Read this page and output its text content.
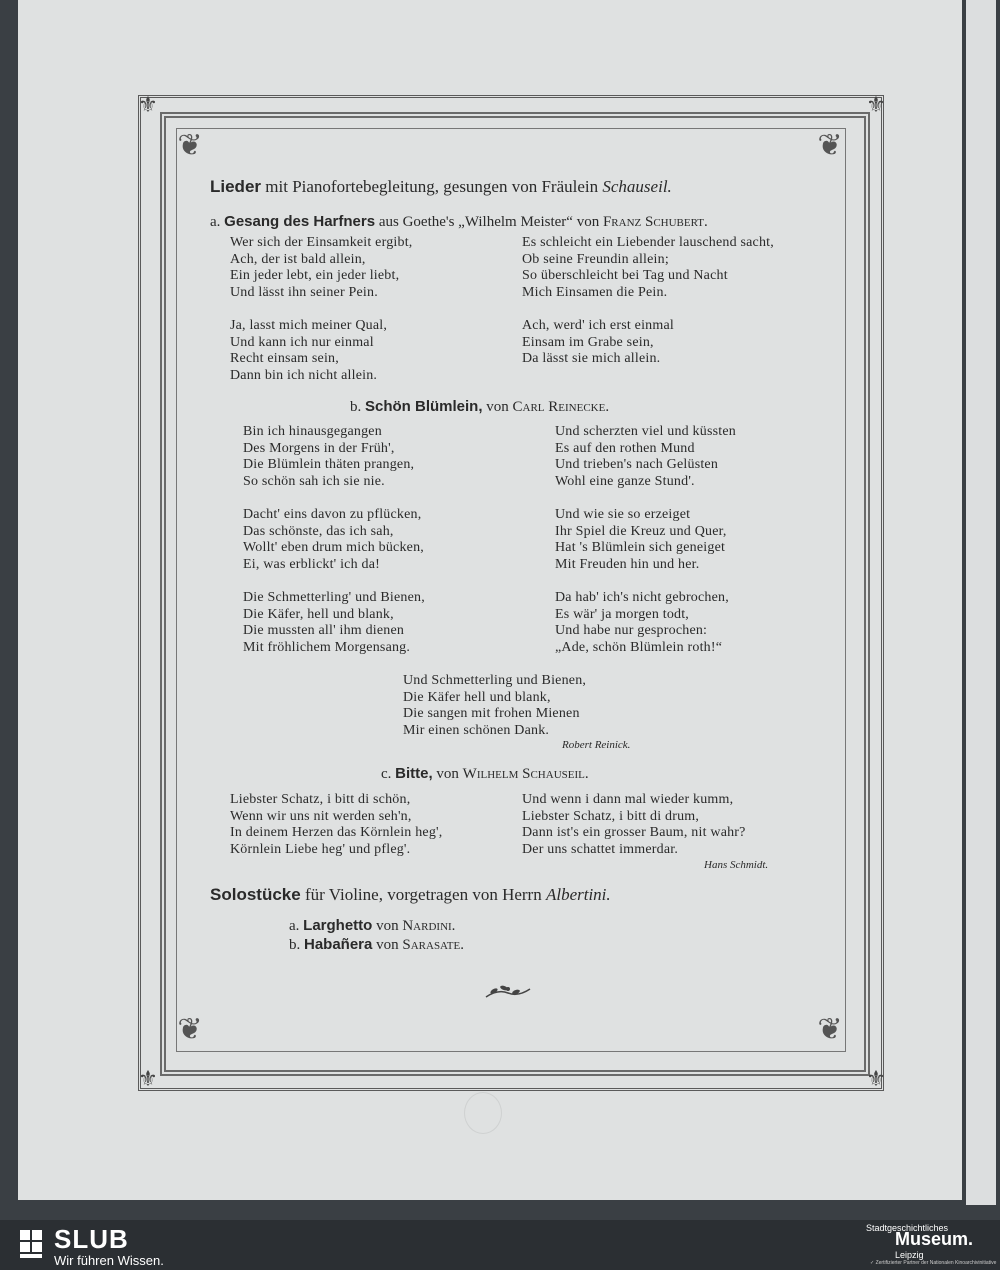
⚜	⚜
⚜	⚜
❦	❦
❦	❦
Lieder mit Pianofortebegleitung, gesungen von Fräulein Schauseil.
a. Gesang des Harfners aus Goethe's „Wilhelm Meister“ von Franz Schubert.
Wer sich der Einsamkeit ergibt,
Ach, der ist bald allein,
Ein jeder lebt, ein jeder liebt,
Und lässt ihn seiner Pein.
Ja, lasst mich meiner Qual,
Und kann ich nur einmal
Recht einsam sein,
Dann bin ich nicht allein.
Es schleicht ein Liebender lauschend sacht,
Ob seine Freundin allein;
So überschleicht bei Tag und Nacht
Mich Einsamen die Pein.
Ach, werd' ich erst einmal
Einsam im Grabe sein,
Da lässt sie mich allein.
b. Schön Blümlein, von Carl Reinecke.
Bin ich hinausgegangen
Des Morgens in der Früh',
Die Blümlein thäten prangen,
So schön sah ich sie nie.
Dacht' eins davon zu pflücken,
Das schönste, das ich sah,
Wollt' eben drum mich bücken,
Ei, was erblickt' ich da!
Die Schmetterling' und Bienen,
Die Käfer, hell und blank,
Die mussten all' ihm dienen
Mit fröhlichem Morgensang.
Und scherzten viel und küssten
Es auf den rothen Mund
Und trieben's nach Gelüsten
Wohl eine ganze Stund'.
Und wie sie so erzeiget
Ihr Spiel die Kreuz und Quer,
Hat 's Blümlein sich geneiget
Mit Freuden hin und her.
Da hab' ich's nicht gebrochen,
Es wär' ja morgen todt,
Und habe nur gesprochen:
„Ade, schön Blümlein roth!“
Und Schmetterling und Bienen,
Die Käfer hell und blank,
Die sangen mit frohen Mienen
Mir einen schönen Dank.
Robert Reinick.
c. Bitte, von Wilhelm Schauseil.
Liebster Schatz, i bitt di schön,
Wenn wir uns nit werden seh'n,
In deinem Herzen das Körnlein heg',
Körnlein Liebe heg' und pfleg'.
Und wenn i dann mal wieder kumm,
Liebster Schatz, i bitt di drum,
Dann ist's ein grosser Baum, nit wahr?
Der uns schattet immerdar.
Hans Schmidt.
Solostücke für Violine, vorgetragen von Herrn Albertini.
a. Larghetto von Nardini.
b. Habañera von Sarasate.
SLUB
Wir führen Wissen.
Stadtgeschichtliches
Museum.
Leipzig
✓ Zertifizierter Partner der Nationalen Kinoarchivinitiative
